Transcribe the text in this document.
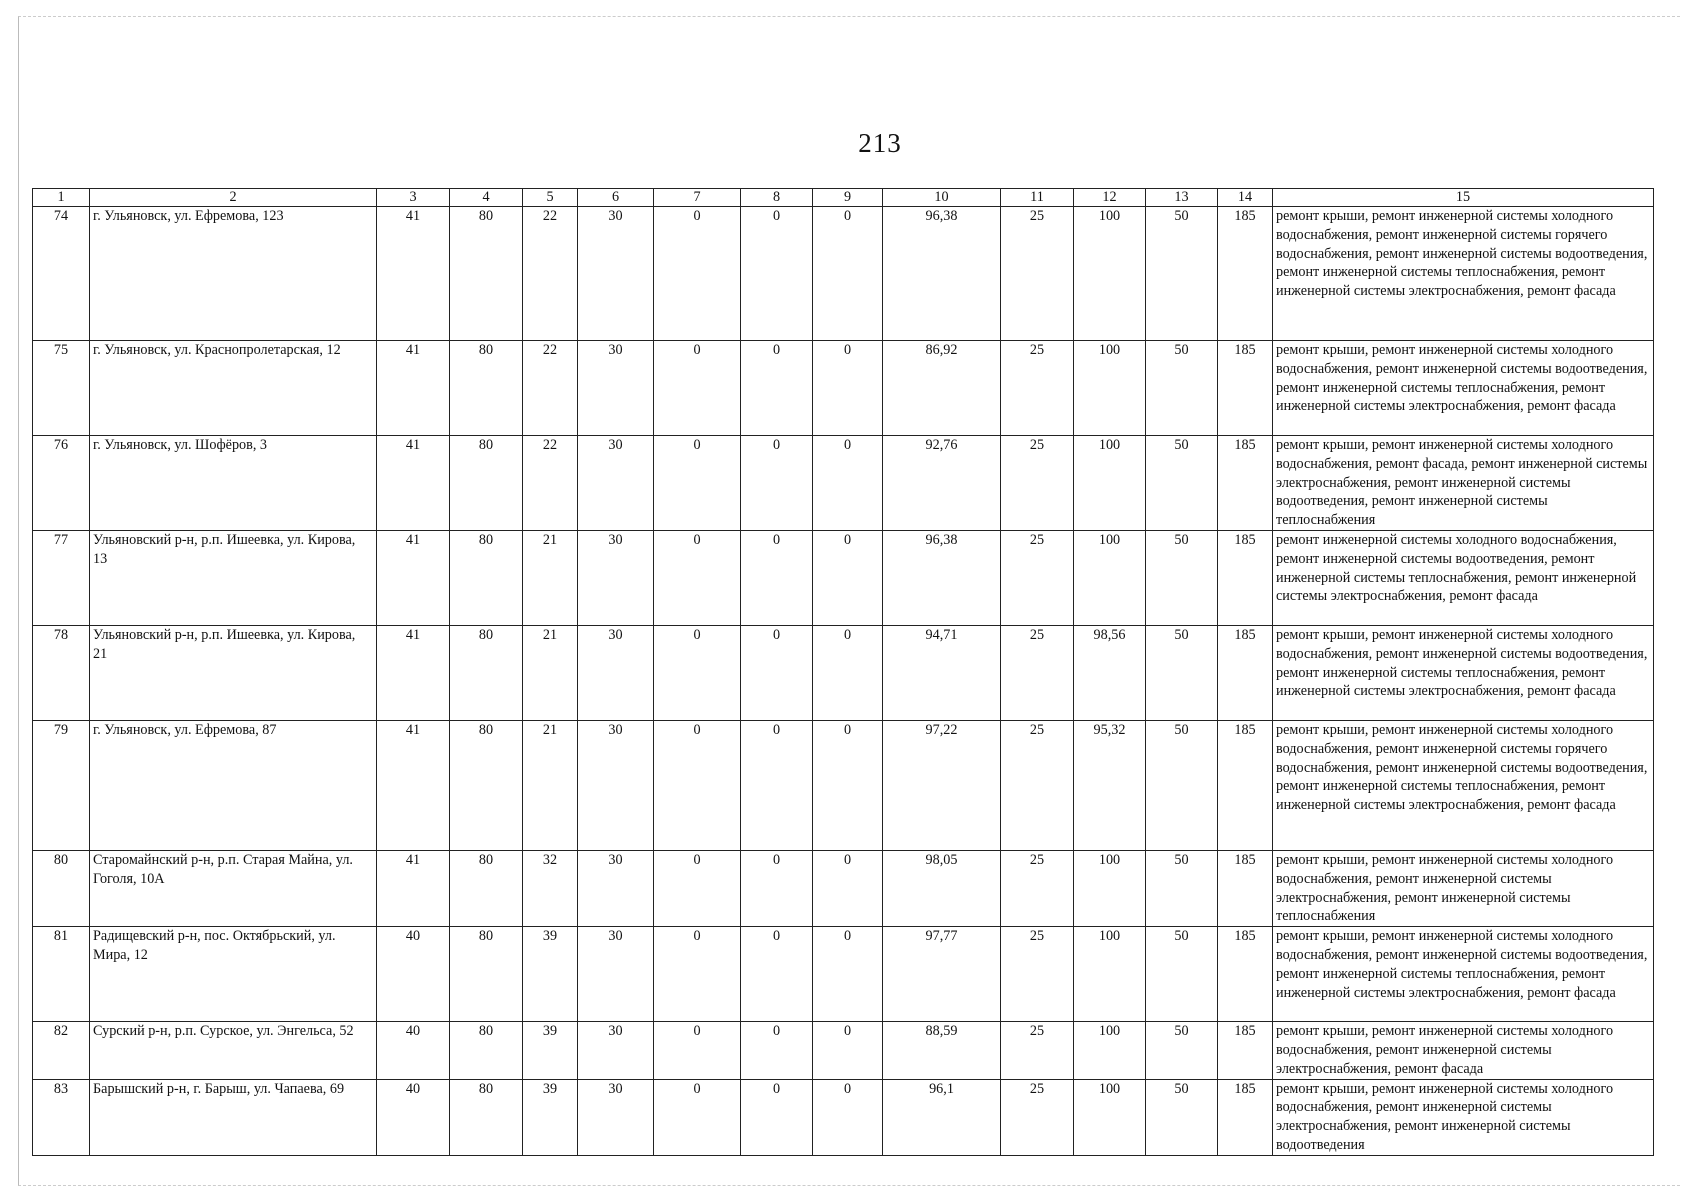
213
1	2	3	4	5	6	7	8	9	10	11	12	13	14	15
74	г. Ульяновск, ул. Ефремова, 123	41	80	22	30	0	0	0	96,38	25	100	50	185	ремонт крыши, ремонт инженерной системы холодного водоснабжения, ремонт инженерной системы горячего водоснабжения, ремонт инженерной системы водоотведения, ремонт инженерной системы теплоснабжения, ремонт инженерной системы электроснабжения, ремонт фасада
75	г. Ульяновск, ул. Краснопролетарская, 12	41	80	22	30	0	0	0	86,92	25	100	50	185	ремонт крыши, ремонт инженерной системы холодного водоснабжения, ремонт инженерной системы водоотведения, ремонт инженерной системы теплоснабжения, ремонт инженерной системы электроснабжения, ремонт фасада
76	г. Ульяновск, ул. Шофёров, 3	41	80	22	30	0	0	0	92,76	25	100	50	185	ремонт крыши, ремонт инженерной системы холодного водоснабжения, ремонт фасада, ремонт инженерной системы электроснабжения, ремонт инженерной системы водоотведения, ремонт инженерной системы теплоснабжения
77	Ульяновский р-н, р.п. Ишеевка, ул. Кирова, 13	41	80	21	30	0	0	0	96,38	25	100	50	185	ремонт инженерной системы холодного водоснабжения, ремонт инженерной системы водоотведения, ремонт инженерной системы теплоснабжения, ремонт инженерной системы электроснабжения, ремонт фасада
78	Ульяновский р-н, р.п. Ишеевка, ул. Кирова, 21	41	80	21	30	0	0	0	94,71	25	98,56	50	185	ремонт крыши, ремонт инженерной системы холодного водоснабжения, ремонт инженерной системы водоотведения, ремонт инженерной системы теплоснабжения, ремонт инженерной системы электроснабжения, ремонт фасада
79	г. Ульяновск, ул. Ефремова, 87	41	80	21	30	0	0	0	97,22	25	95,32	50	185	ремонт крыши, ремонт инженерной системы холодного водоснабжения, ремонт инженерной системы горячего водоснабжения, ремонт инженерной системы водоотведения, ремонт инженерной системы теплоснабжения, ремонт инженерной системы электроснабжения, ремонт фасада
80	Старомайнский р-н, р.п. Старая Майна, ул. Гоголя, 10А	41	80	32	30	0	0	0	98,05	25	100	50	185	ремонт крыши, ремонт инженерной системы холодного водоснабжения, ремонт инженерной системы электроснабжения, ремонт инженерной системы теплоснабжения
81	Радищевский р-н, пос. Октябрьский, ул. Мира, 12	40	80	39	30	0	0	0	97,77	25	100	50	185	ремонт крыши, ремонт инженерной системы холодного водоснабжения, ремонт инженерной системы водоотведения, ремонт инженерной системы теплоснабжения, ремонт инженерной системы электроснабжения, ремонт фасада
82	Сурский р-н, р.п. Сурское, ул. Энгельса, 52	40	80	39	30	0	0	0	88,59	25	100	50	185	ремонт крыши, ремонт инженерной системы холодного водоснабжения, ремонт инженерной системы электроснабжения, ремонт фасада
83	Барышский р-н, г. Барыш, ул. Чапаева, 69	40	80	39	30	0	0	0	96,1	25	100	50	185	ремонт крыши, ремонт инженерной системы холодного водоснабжения, ремонт инженерной системы электроснабжения, ремонт инженерной системы водоотведения
